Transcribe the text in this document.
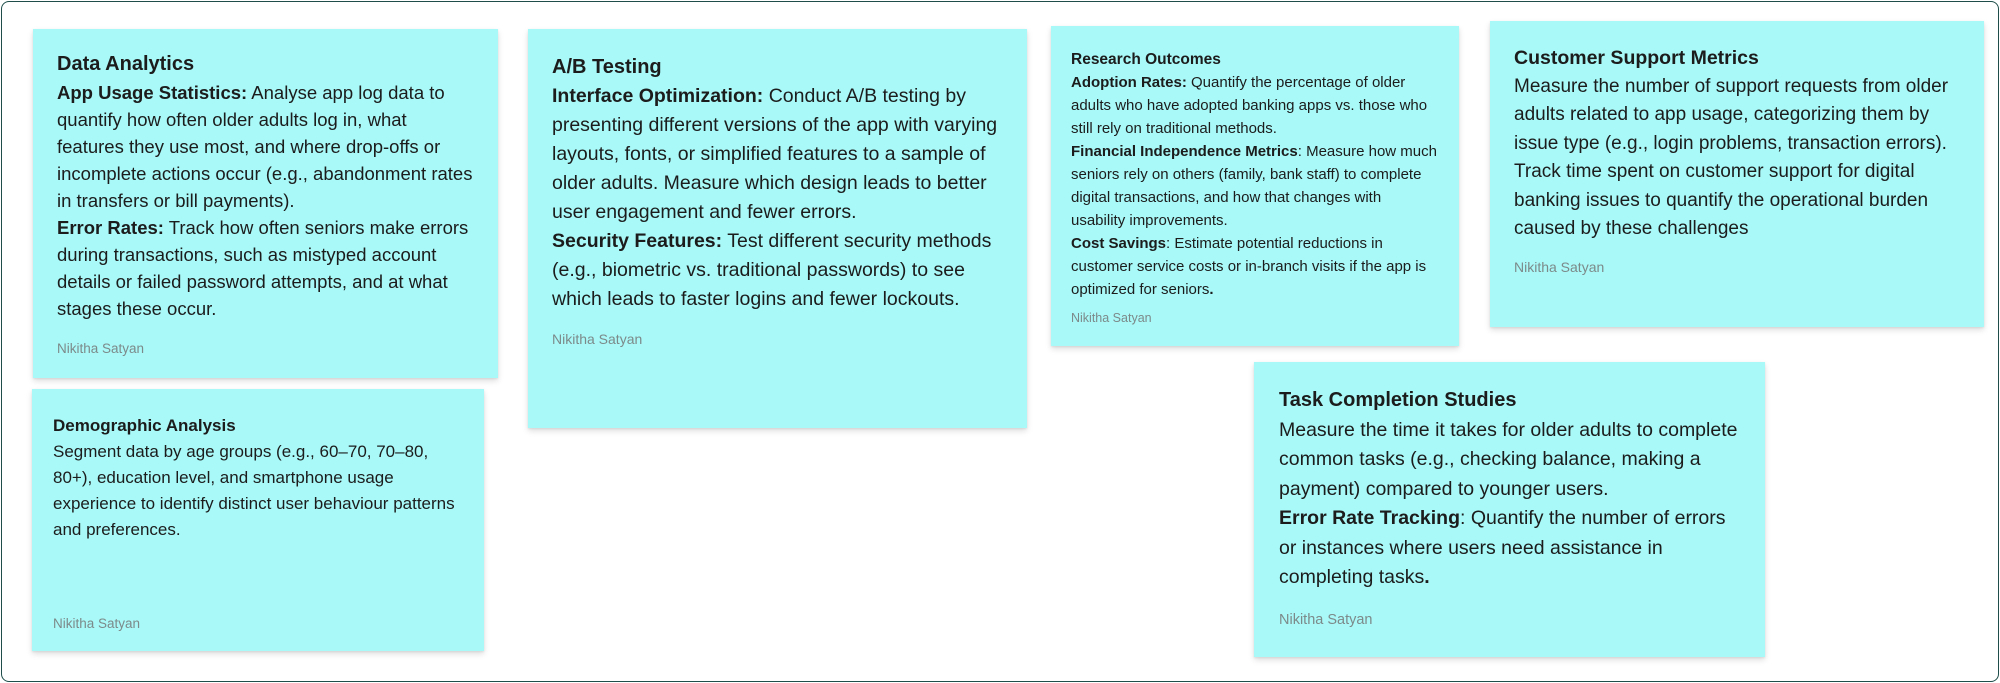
Data Analytics

App Usage Statistics: Analyse app log data to quantify how often older adults log in, what features they use most, and where drop-offs or incomplete actions occur (e.g., abandonment rates in transfers or bill payments).

Error Rates: Track how often seniors make errors during transactions, such as mistyped account details or failed password attempts, and at what stages these occur.

Nikitha Satyan
A/B Testing

Interface Optimization: Conduct A/B testing by presenting different versions of the app with varying layouts, fonts, or simplified features to a sample of older adults. Measure which design leads to better user engagement and fewer errors.

Security Features: Test different security methods (e.g., biometric vs. traditional passwords) to see which leads to faster logins and fewer lockouts.

Nikitha Satyan
Research Outcomes

Adoption Rates: Quantify the percentage of older adults who have adopted banking apps vs. those who still rely on traditional methods.

Financial Independence Metrics: Measure how much seniors rely on others (family, bank staff) to complete digital transactions, and how that changes with usability improvements.

Cost Savings: Estimate potential reductions in customer service costs or in-branch visits if the app is optimized for seniors.

Nikitha Satyan
Customer Support Metrics

Measure the number of support requests from older adults related to app usage, categorizing them by issue type (e.g., login problems, transaction errors).

Track time spent on customer support for digital banking issues to quantify the operational burden caused by these challenges

Nikitha Satyan
Demographic Analysis

Segment data by age groups (e.g., 60–70, 70–80, 80+), education level, and smartphone usage experience to identify distinct user behaviour patterns and preferences.

Nikitha Satyan
Task Completion Studies

Measure the time it takes for older adults to complete common tasks (e.g., checking balance, making a payment) compared to younger users.

Error Rate Tracking: Quantify the number of errors or instances where users need assistance in completing tasks.

Nikitha Satyan
